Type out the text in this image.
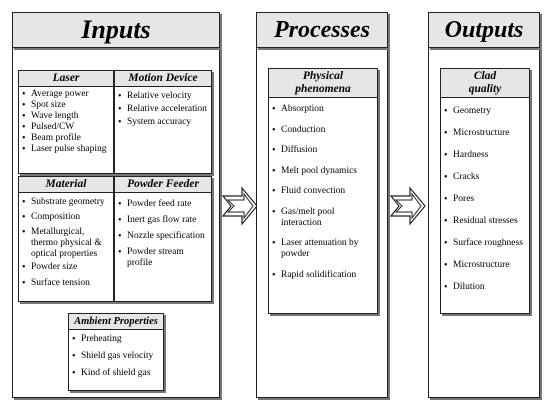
Inputs
Laser
• Average power
• Spot size
• Wave length
• Pulsed/CW
• Beam profile
• Laser pulse shaping
Motion Device
• Relative velocity
• Relative acceleration
• System accuracy
Material
• Substrate geometry
• Composition
• Metallurgical, thermo physical & optical properties
• Powder size
• Surface tension
Powder Feeder
• Powder feed rate
• Inert gas flow rate
• Nozzle specification
• Powder stream profile
Ambient Properties
• Preheating
• Shield gas velocity
• Kind of shield gas
Processes
Physical
phenomena
• Absorption
• Conduction
• Diffusion
• Melt pool dynamics
• Fluid convection
• Gas/melt pool interaction
• Laser attenuation by powder
• Rapid solidification
Outputs
Clad
quality
• Geometry
• Microstructure
• Hardness
• Cracks
• Pores
• Residual stresses
• Surface roughness
• Microstructure
• Dilution
